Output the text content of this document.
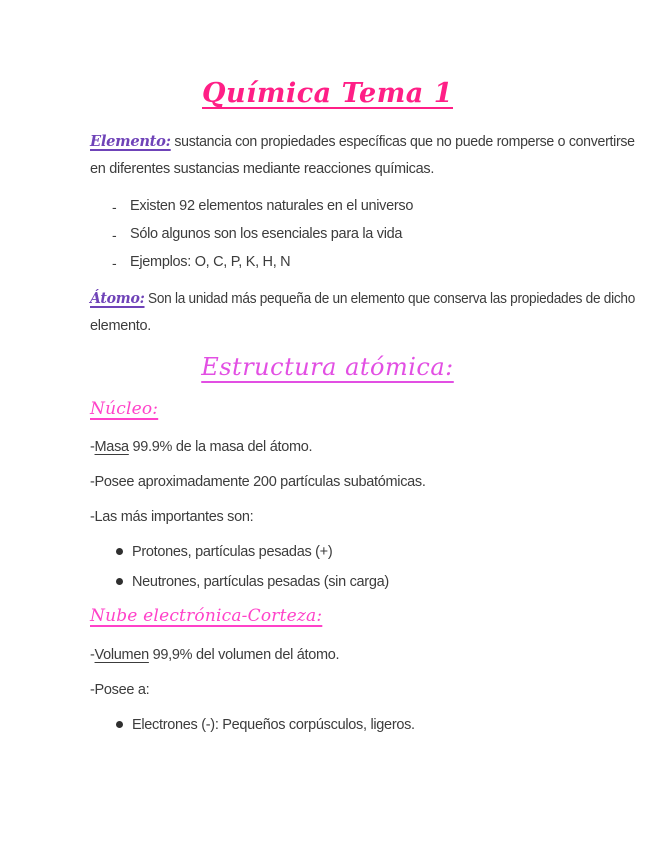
Química Tema 1
Elemento: sustancia con propiedades específicas que no puede romperse o convertirse
en diferentes sustancias mediante reacciones químicas.
- Existen 92 elementos naturales en el universo
- Sólo algunos son los esenciales para la vida
- Ejemplos: O, C, P, K, H, N
Átomo: Son la unidad más pequeña de un elemento que conserva las propiedades de dicho
elemento.
Estructura atómica:
Núcleo:
-Masa 99.9% de la masa del átomo.
-Posee aproximadamente 200 partículas subatómicas.
-Las más importantes son:
Protones, partículas pesadas (+)
Neutrones, partículas pesadas (sin carga)
Nube electrónica-Corteza:
-Volumen 99,9% del volumen del átomo.
-Posee a:
Electrones (-): Pequeños corpúsculos, ligeros.
